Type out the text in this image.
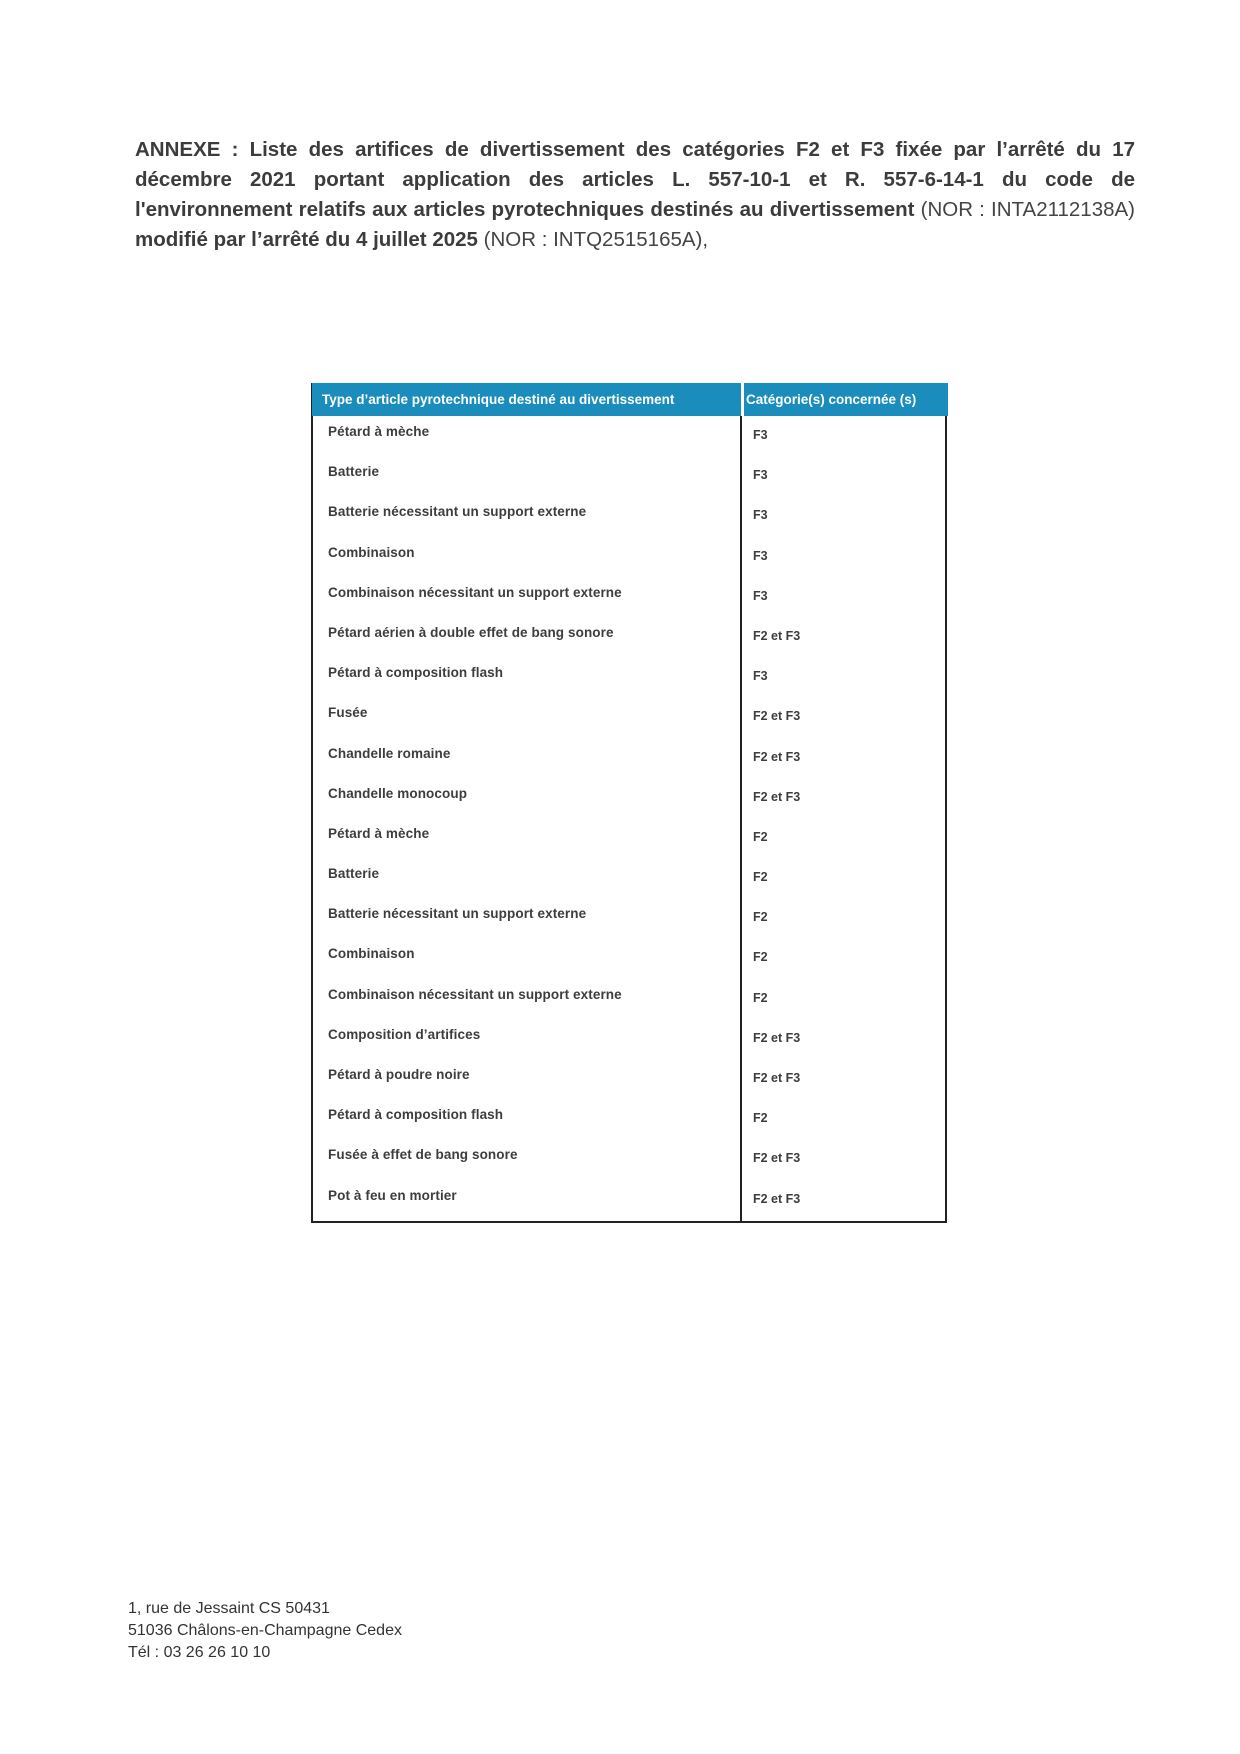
ANNEXE : Liste des artifices de divertissement des catégories F2 et F3 fixée par l’arrêté du 17 décembre 2021 portant application des articles L. 557-10-1 et R. 557-6-14-1 du code de l'environnement relatifs aux articles pyrotechniques destinés au divertissement (NOR : INTA2112138A) modifié par l’arrêté du 4 juillet 2025 (NOR : INTQ2515165A),
Type d’article pyrotechnique destiné au divertissement	Catégorie(s) concernée (s)
Pétard à mèche	F3
Batterie	F3
Batterie nécessitant un support externe	F3
Combinaison	F3
Combinaison nécessitant un support externe	F3
Pétard aérien à double effet de bang sonore	F2 et F3
Pétard à composition flash	F3
Fusée	F2 et F3
Chandelle romaine	F2 et F3
Chandelle monocoup	F2 et F3
Pétard à mèche	F2
Batterie	F2
Batterie nécessitant un support externe	F2
Combinaison	F2
Combinaison nécessitant un support externe	F2
Composition d’artifices	F2 et F3
Pétard à poudre noire	F2 et F3
Pétard à composition flash	F2
Fusée à effet de bang sonore	F2 et F3
Pot à feu en mortier	F2 et F3
1, rue de Jessaint CS 50431
51036 Châlons-en-Champagne Cedex
Tél : 03 26 26 10 10
